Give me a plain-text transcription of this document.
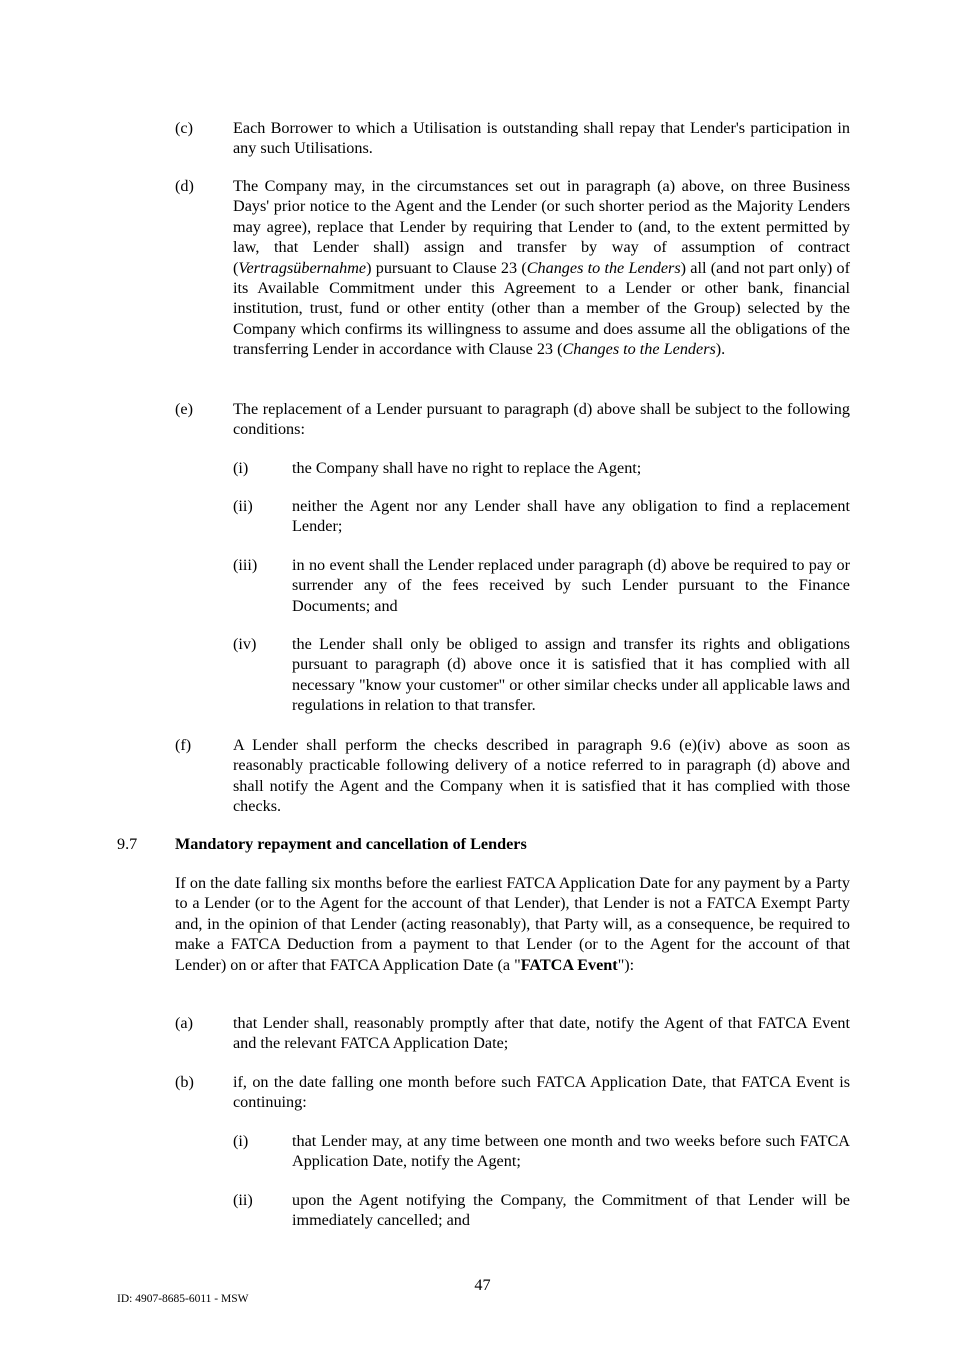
(c) Each Borrower to which a Utilisation is outstanding shall repay that Lender's participation in any such Utilisations.
(d) The Company may, in the circumstances set out in paragraph (a) above, on three Business Days' prior notice to the Agent and the Lender (or such shorter period as the Majority Lenders may agree), replace that Lender by requiring that Lender to (and, to the extent permitted by law, that Lender shall) assign and transfer by way of assumption of contract (Vertragsübernahme) pursuant to Clause 23 (Changes to the Lenders) all (and not part only) of its Available Commitment under this Agreement to a Lender or other bank, financial institution, trust, fund or other entity (other than a member of the Group) selected by the Company which confirms its willingness to assume and does assume all the obligations of the transferring Lender in accordance with Clause 23 (Changes to the Lenders).
(e) The replacement of a Lender pursuant to paragraph (d) above shall be subject to the following conditions:
(i)	the Company shall have no right to replace the Agent;
(ii) neither the Agent nor any Lender shall have any obligation to find a replacement Lender;
(iii) in no event shall the Lender replaced under paragraph (d) above be required to pay or surrender any of the fees received by such Lender pursuant to the Finance Documents; and
(iv) the Lender shall only be obliged to assign and transfer its rights and obligations pursuant to paragraph (d) above once it is satisfied that it has complied with all necessary "know your customer" or other similar checks under all applicable laws and regulations in relation to that transfer.
(f)	A Lender shall perform the checks described in paragraph 9.6 (e)(iv) above as soon as reasonably practicable following delivery of a notice referred to in paragraph (d) above and shall notify the Agent and the Company when it is satisfied that it has complied with those checks.
9.7 Mandatory repayment and cancellation of Lenders
If on the date falling six months before the earliest FATCA Application Date for any payment by a Party to a Lender (or to the Agent for the account of that Lender), that Lender is not a FATCA Exempt Party and, in the opinion of that Lender (acting reasonably), that Party will, as a consequence, be required to make a FATCA Deduction from a payment to that Lender (or to the Agent for the account of that Lender) on or after that FATCA Application Date (a "FATCA Event"):
(a) that Lender shall, reasonably promptly after that date, notify the Agent of that FATCA Event and the relevant FATCA Application Date;
(b) if, on the date falling one month before such FATCA Application Date, that FATCA Event is continuing:
(i)	that Lender may, at any time between one month and two weeks before such FATCA Application Date, notify the Agent;
(ii) upon the Agent notifying the Company, the Commitment of that Lender will be immediately cancelled; and
47
ID: 4907-8685-6011 - MSW
